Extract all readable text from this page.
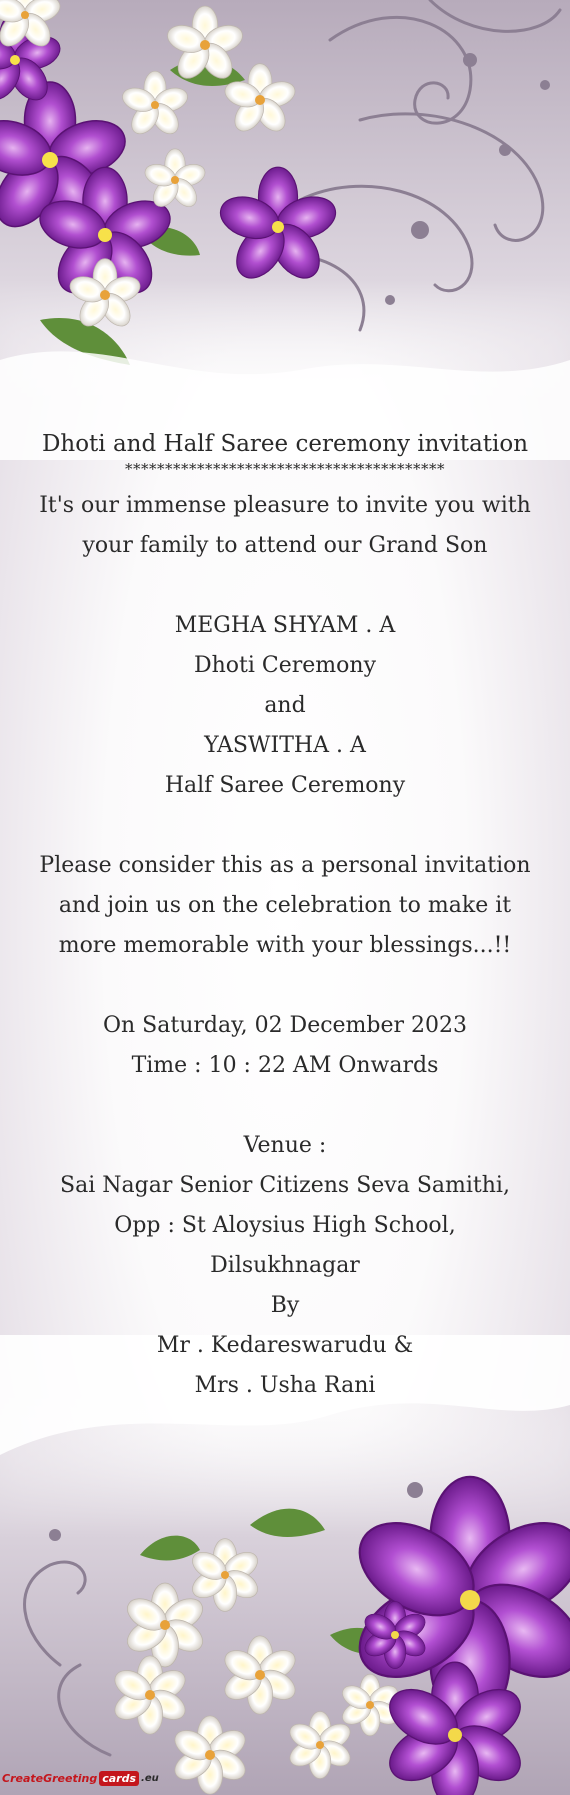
Dhoti and Half Saree ceremony invitation
****************************************
It's our immense pleasure to invite you with your family to attend our Grand Son
MEGHA SHYAM . A
Dhoti Ceremony
and
YASWITHA . A
Half Saree Ceremony
Please consider this as a personal invitation and join us on the celebration to make it more memorable with your blessings...!!
On Saturday, 02 December 2023
Time : 10 : 22 AM Onwards
Venue :
Sai Nagar Senior Citizens Seva Samithi,
Opp : St Aloysius High School,
Dilsukhnagar
By
Mr . Kedareswarudu &
Mrs . Usha Rani
CreateGreeting cards .eu
